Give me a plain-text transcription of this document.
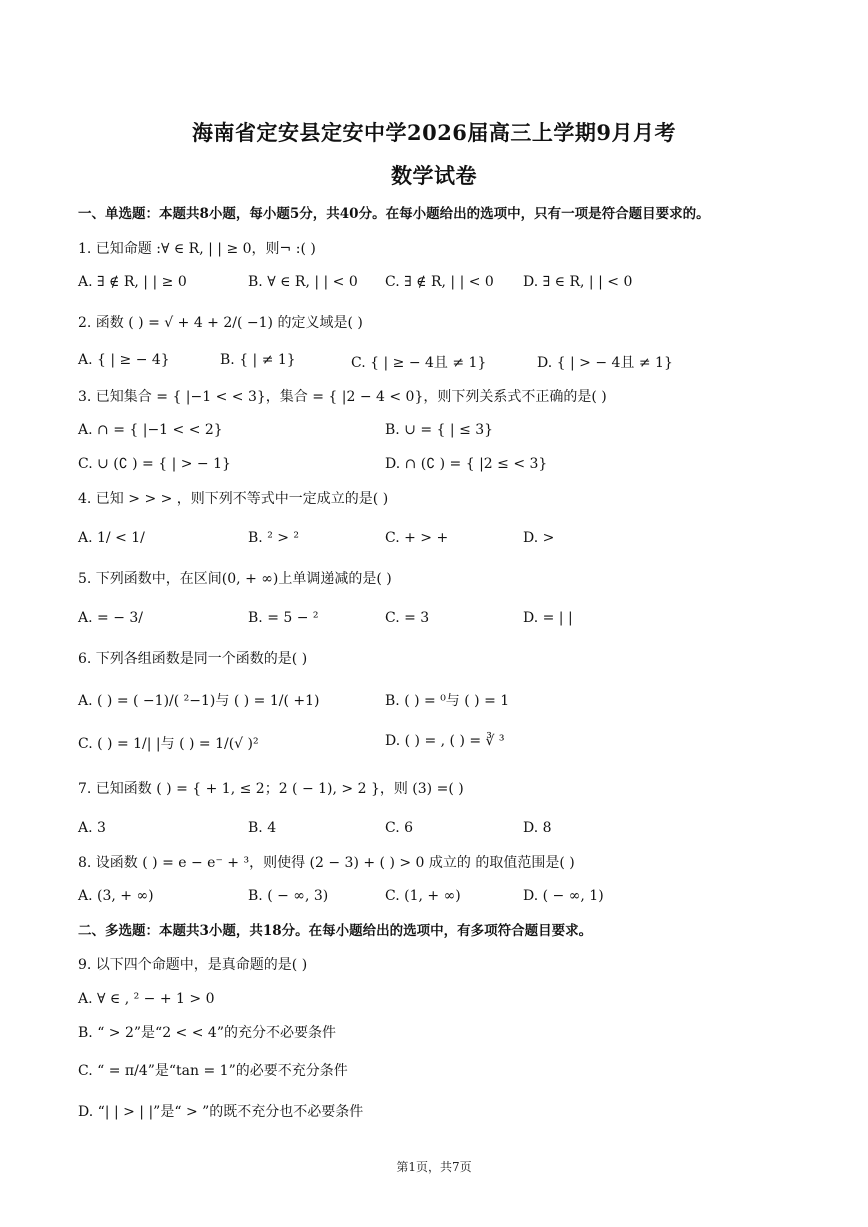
海南省定安县定安中学2026届高三上学期9月月考
数学试卷
一、单选题：本题共8小题，每小题5分，共40分。在每小题给出的选项中，只有一项是符合题目要求的。
1. 已知命题 :∀ ∈ R, | | ≥ 0，则¬ :( )
A. ∃ ∉ R, | | ≥ 0	B. ∀ ∈ R, | | < 0 C. ∃ ∉ R, | | < 0 D. ∃ ∈ R, | | < 0
2. 函数 ( ) = √ + 4 + 2/( −1) 的定义域是( )
A. { | ≥ − 4}	B. { | ≠ 1}	C. { | ≥ − 4且 ≠ 1}	D. { | > − 4且 ≠ 1}
3. 已知集合 = { |−1 < < 3}，集合 = { |2 − 4 < 0}，则下列关系式不正确的是( )
A. ∩ = { |−1 < < 2}	B. ∪ = { | ≤ 3}
C. ∪ (∁ ) = { | > − 1}	D. ∩ (∁ ) = { |2 ≤ < 3}
4. 已知 > > > ，则下列不等式中一定成立的是( )
A. 1/ < 1/	B. ² > ²	C. + > +	D. >
5. 下列函数中，在区间(0, + ∞)上单调递减的是( )
A. = − 3/	B. = 5 − ²	C. = 3	D. = | |
6. 下列各组函数是同一个函数的是( )
A. ( ) = ( −1)/( ²−1)与 ( ) = 1/( +1)	B. ( ) = ⁰与 ( ) = 1
C. ( ) = 1/| |与 ( ) = 1/(√ )²	D. ( ) = , ( ) = ∛ ³
7. 已知函数 ( ) = { + 1, ≤ 2；2 ( − 1), > 2 }，则 (3) =( )
A. 3	B. 4	C. 6	D. 8
8. 设函数 ( ) = e − e⁻ + ³，则使得 (2 − 3) + ( ) > 0 成立的 的取值范围是( )
A. (3, + ∞)	B. ( − ∞, 3)	C. (1, + ∞)	D. ( − ∞, 1)
二、多选题：本题共3小题，共18分。在每小题给出的选项中，有多项符合题目要求。
9. 以下四个命题中，是真命题的是( )
A. ∀ ∈ , ² − + 1 > 0
B. “ > 2”是“2 < < 4”的充分不必要条件
C. “ = π/4”是“tan = 1”的必要不充分条件
D. “| | > | |”是“ > ”的既不充分也不必要条件
第1页，共7页
